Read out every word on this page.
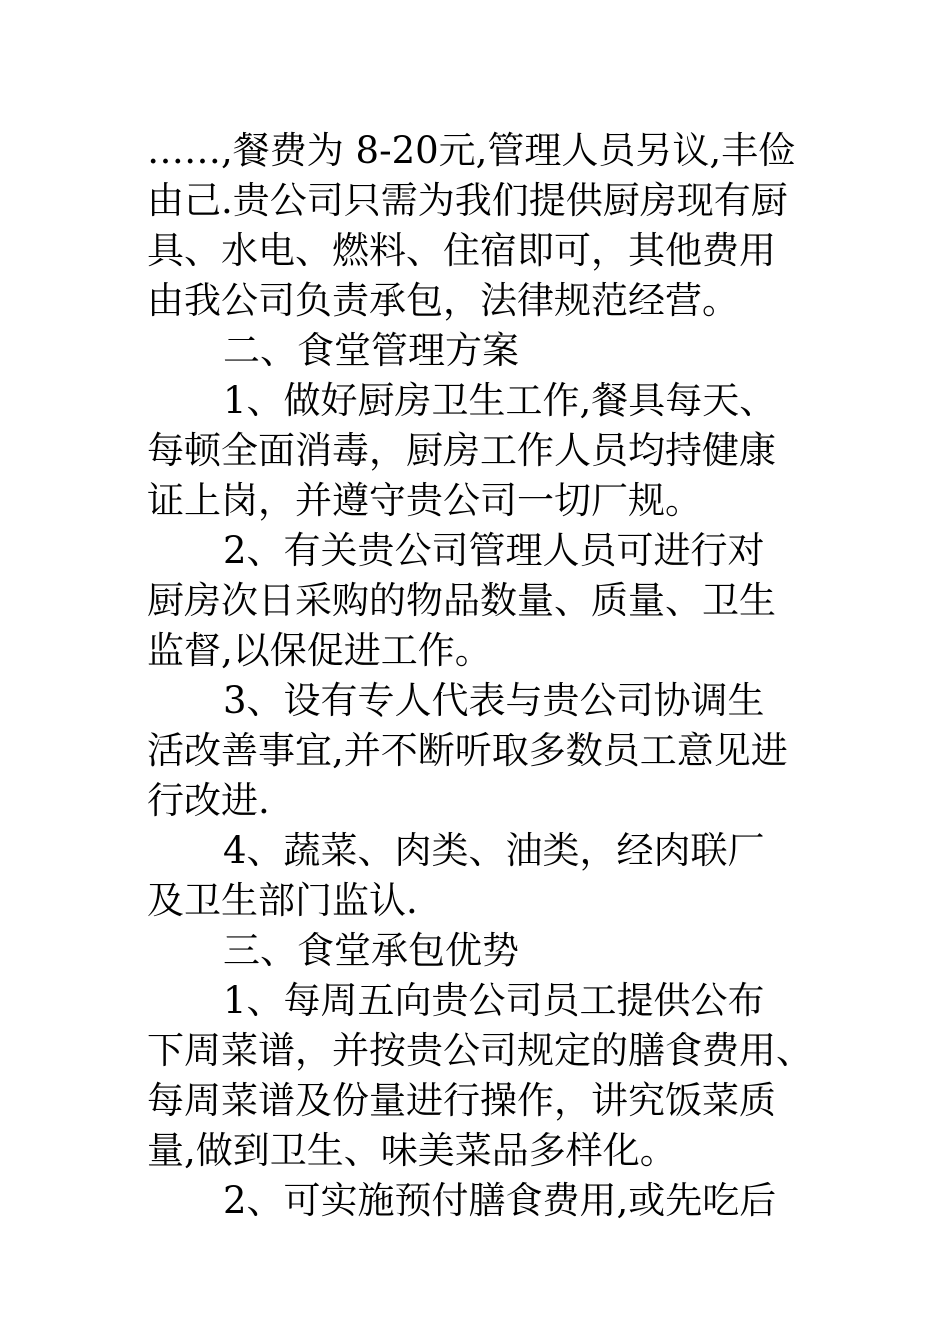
……,餐费为 8-20元,管理人员另议,丰俭
由己.贵公司只需为我们提供厨房现有厨
具、水电、燃料、住宿即可，其他费用
由我公司负责承包，法律规范经营。
二、食堂管理方案
1、做好厨房卫生工作,餐具每天、
每顿全面消毒，厨房工作人员均持健康
证上岗，并遵守贵公司一切厂规。
2、有关贵公司管理人员可进行对
厨房次日采购的物品数量、质量、卫生
监督,以保促进工作。
3、设有专人代表与贵公司协调生
活改善事宜,并不断听取多数员工意见进
行改进.
4、蔬菜、肉类、油类，经肉联厂
及卫生部门监认.
三、食堂承包优势
1、每周五向贵公司员工提供公布
下周菜谱，并按贵公司规定的膳食费用、
每周菜谱及份量进行操作，讲究饭菜质
量,做到卫生、味美菜品多样化。
2、可实施预付膳食费用,或先吃后
